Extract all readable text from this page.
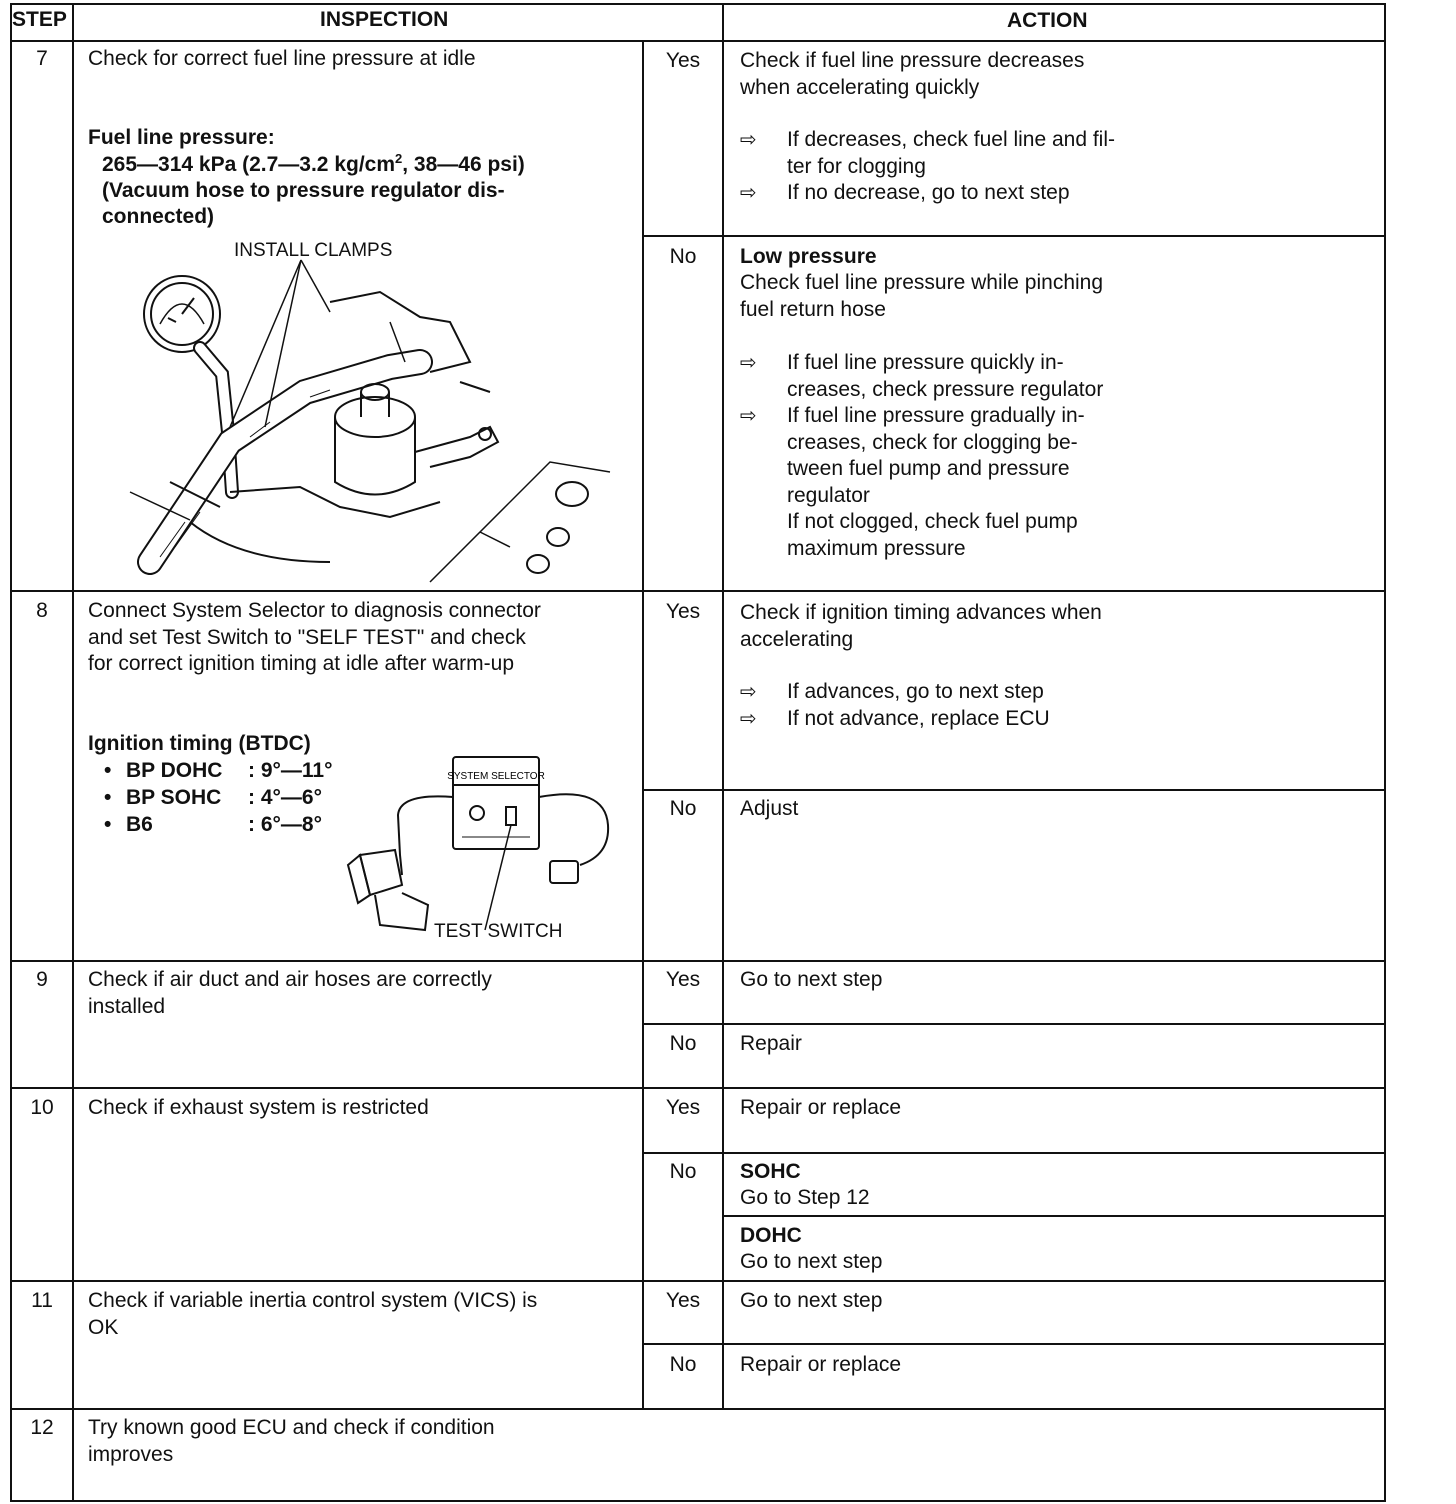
STEP	INSPECTION	ACTION
7	Check for correct fuel line pressure at idle
Fuel line pressure:
265—314 kPa (2.7—3.2 $kg/cm^2$, 38—46 psi)
(Vacuum hose to pressure regulator dis-
connected)
INSTALL CLAMPS
Yes	Check if fuel line pressure decreases
when accelerating quickly
⇨ If decreases, check fuel line and fil-
ter for clogging
⇨ If no decrease, go to next step
No	Low pressure
Check fuel line pressure while pinching
fuel return hose
⇨ If fuel line pressure quickly in-
creases, check pressure regulator
⇨ If fuel line pressure gradually in-
creases, check for clogging be-
tween fuel pump and pressure
regulator
If not clogged, check fuel pump
maximum pressure
8	Connect System Selector to diagnosis connector
and set Test Switch to "SELF TEST" and check
for correct ignition timing at idle after warm-up
Ignition timing (BTDC)
• BP DOHC : 9°—11°
• BP SOHC : 4°—6°
• B6	: 6°—8°
SYSTEM SELECTOR
TEST SWITCH
Yes	Check if ignition timing advances when
accelerating
⇨ If advances, go to next step
⇨ If not advance, replace ECU
No	Adjust
9	Check if air duct and air hoses are correctly
installed
Yes	Go to next step
No	Repair
10	Check if exhaust system is restricted	Yes	Repair or replace
No	SOHC
Go to Step 12
DOHC
Go to next step
11	Check if variable inertia control system (VICS) is
OK
Yes	Go to next step
No	Repair or replace
12	Try known good ECU and check if condition
improves
